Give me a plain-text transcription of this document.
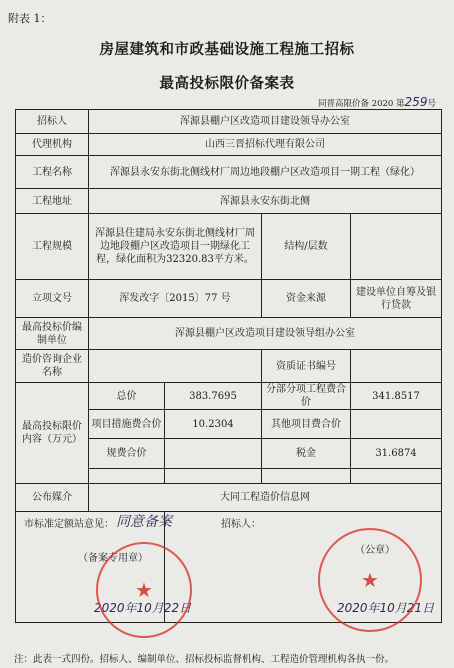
附表 1：
房屋建筑和市政基础设施工程施工招标
最高投标限价备案表
同晋高限价备 2020 第259号
招标人	浑源县棚户区改造项目建设领导办公室			
代理机构	山西三晋招标代理有限公司			
工程名称	浑源县永安东街北侧线材厂周边地段棚户区改造项目一期工程（绿化）			
工程地址	浑源县永安东街北侧			
工程规模	浑源县住建局永安东街北侧线材厂周边地段棚户区改造项目一期绿化工程，绿化面积为32320.83平方米。		结构/层数	
立项文号	浑发改字〔2015〕77 号		资金来源	建设单位自筹及银行贷款
最高投标价编制单位	浑源县棚户区改造项目建设领导组办公室			
造价咨询企业名称			资质证书编号	
最高投标限价内容（万元）	总价	383.7695	分部分项工程费合价	341.8517
	项目措施费合价	10.2304	其他项目费合价	
	规费合价		税金	31.6874

公布媒介	大同工程造价信息网			

市标准定额站意见： 同意备案
（备案专用章）
2020年10月22日		招标人：
（公章）
2020年10月21日		
★	★
注：此表一式四份。招标人、编制单位、招标投标监督机构、工程造价管理机构各执一份。
